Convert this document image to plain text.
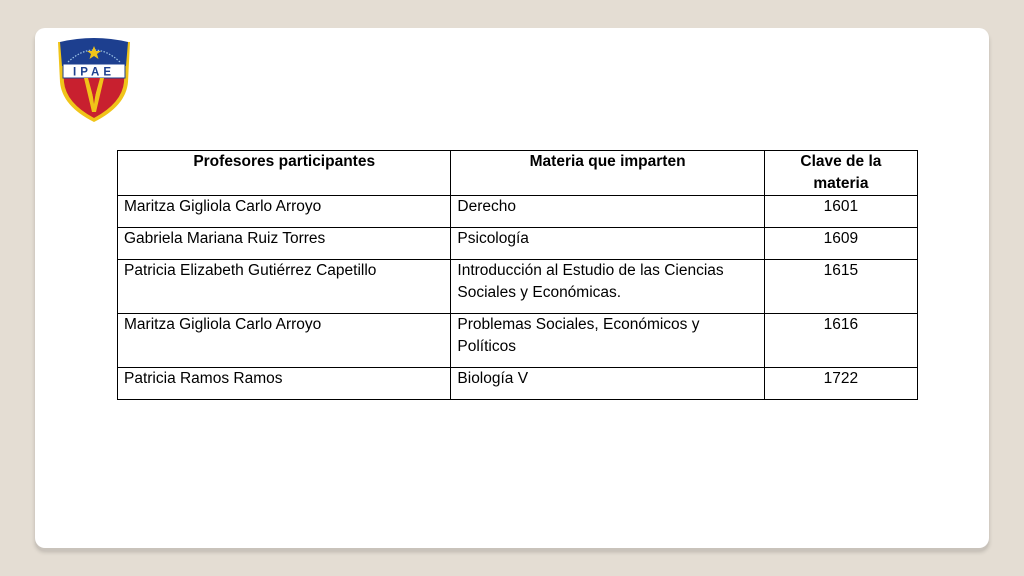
IPAE
Profesores participantes	Materia que imparten	Clave de la materia
Maritza Gigliola Carlo Arroyo	Derecho	1601
Gabriela Mariana Ruiz Torres	Psicología	1609
Patricia Elizabeth Gutiérrez Capetillo	Introducción al Estudio de las Ciencias Sociales y Económicas.	1615
Maritza Gigliola Carlo Arroyo	Problemas Sociales, Económicos y Políticos	1616
Patricia Ramos Ramos	Biología V	1722
